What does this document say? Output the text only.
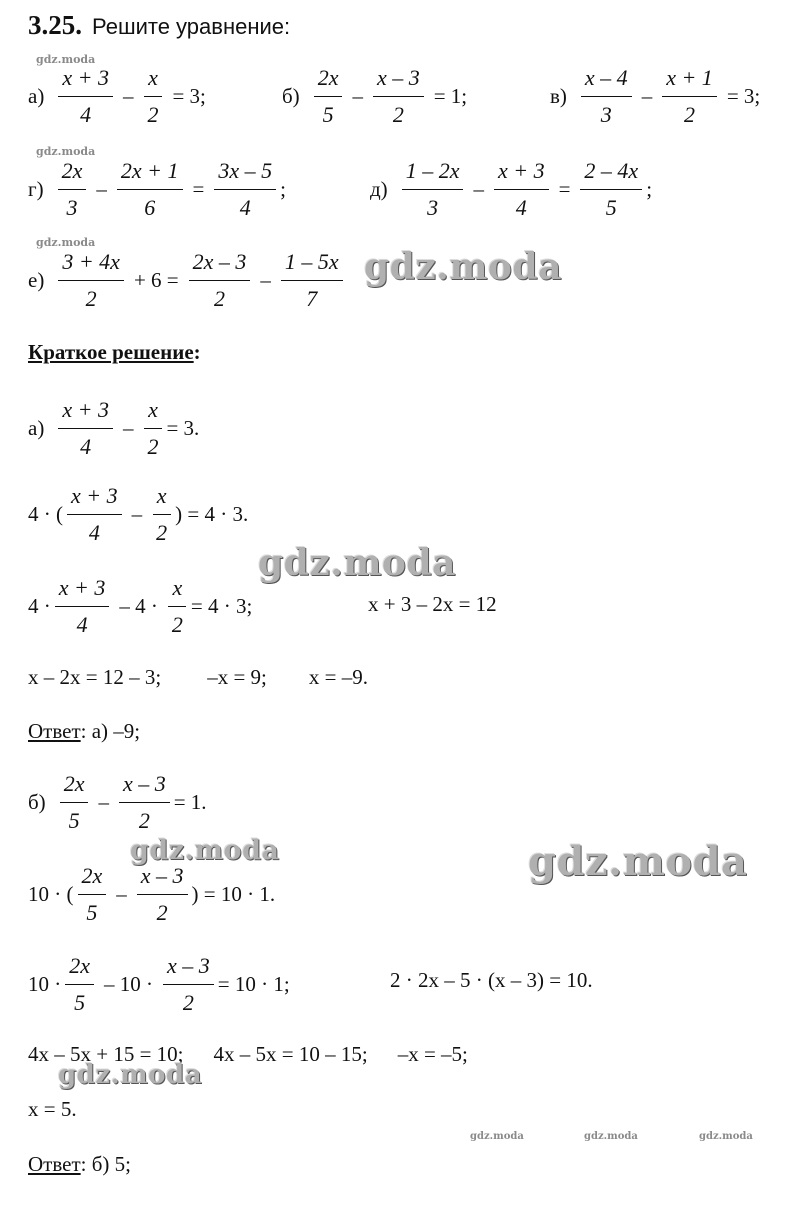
3.25. Решите уравнение:
gdz.moda
gdz.moda
gdz.moda
gdz.moda	gdz.moda	gdz.moda
$а) \frac{x + 3}{4} - \frac{x}{2} = 3$;	$б) \frac{2x}{5} - \frac{x - 3}{2} = 1$;	$в) \frac{x - 4}{3} - \frac{x + 1}{2} = 3$;
$г) \frac{2x}{3} - \frac{2x + 1}{6} = \frac{3x - 5}{4}$ ;	$д) \frac{1 - 2x}{3} - \frac{x + 3}{4} = \frac{2 - 4x}{5}$ ;
$е) \frac{3 + 4x}{2} + 6 = \frac{2x - 3}{2} - \frac{1 - 5x}{7}$ gdz.moda
Краткое решение:
$а) \frac{x + 3}{4} - \frac{x}{2} = 3$.
4 · ( $\frac{x + 3}{4} - \frac{x}{2}$ ) = 4 · 3.
gdz.moda
$4 \cdot \frac{x + 3}{4} - 4 \cdot \frac{x}{2} = 4 \cdot 3$;	x + 3 – 2x = 12
x – 2x = 12 – 3; –x = 9; x = –9.
Ответ : а) –9;
$б) \frac{2x}{5} - \frac{x - 3}{2} = 1$.
gdz.moda	gdz.moda
10 · ( $\frac{2x}{5} - \frac{x - 3}{2}$ ) = 10 · 1.
$10 \cdot \frac{2x}{5} - 10 \cdot \frac{x - 3}{2} = 10 \cdot 1$;	2 · 2x – 5 · (x – 3) = 10.
4x – 5x + 15 = 10; 4x – 5x = 10 – 15; –x = –5;
gdz.moda
x = 5.
Ответ : б) 5;
